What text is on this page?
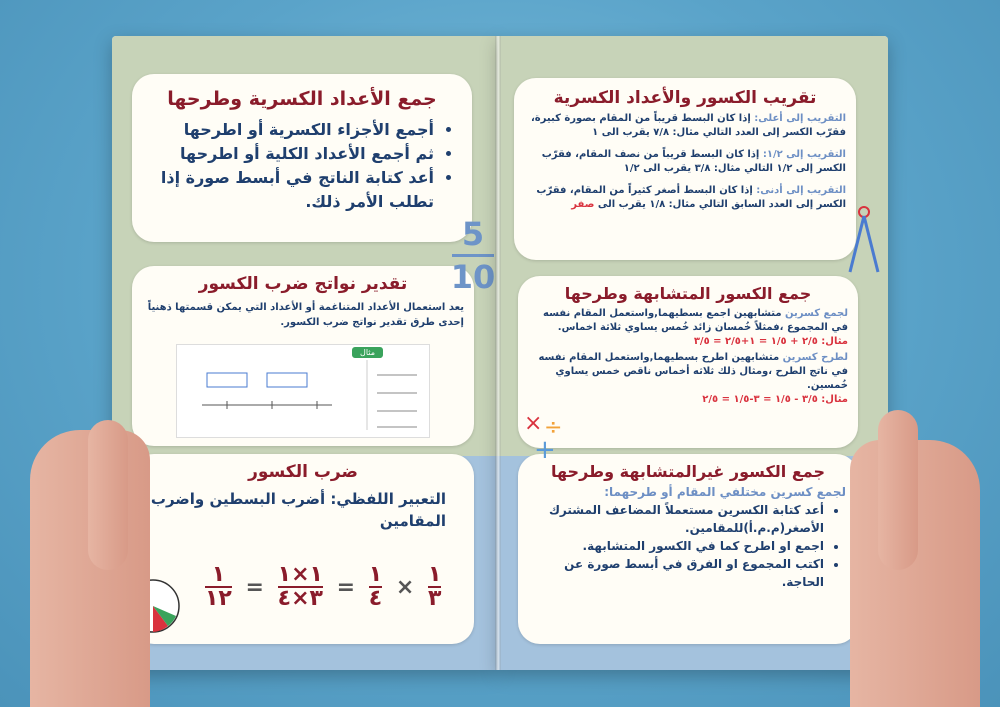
جمع الأعداد الكسرية وطرحها
• أجمع الأجزاء الكسرية أو اطرحها
• ثم أجمع الأعداد الكلية أو اطرحها
• أعد كتابة الناتج في أبسط صورة إذا تطلب الأمر ذلك.
تقدير نواتج ضرب الكسور
يعد استعمال الأعداد المتناغمة أو الأعداد التي يمكن قسمتها ذهنياً إحدى طرق تقدير نواتج ضرب الكسور.
مثال
ضرب الكسور
التعبير اللفظي: أضرب البسطين واضرب المقامين
١
١٢ = ١×١
٣×٤ = ١
٤ × ١
٣
5
10
تقريب الكسور والأعداد الكسرية
التقريب إلى أعلى: إذا كان البسط قريباً من المقام بصورة كبيرة، فقرّب الكسر إلى العدد التالي مثال: ٧/٨ يقرب الى ١
التقريب إلى ١/٢: إذا كان البسط قريباً من نصف المقام، فقرّب الكسر إلى ١/٢ التالي مثال: ٣/٨ يقرب الى ١/٢
التقريب إلى أدنى: إذا كان البسط أصغر كثيراً من المقام، فقرّب الكسر إلى العدد السابق التالي مثال: ١/٨ يقرب الى صفر
جمع الكسور المتشابهة وطرحها
لجمع كسرين متشابهين اجمع بسطيهما,واستعمل المقام نفسه في المجموع ،فمثلاً خُمسان زائد خُمس يساوي ثلاثة اخماس.
مثال: ٢/٥ + ١/٥ = ١+٢/٥ = ٣/٥
لطرح كسرين متشابهين اطرح بسطيهما,واستعمل المقام نفسه في ناتج الطرح ،ومثال ذلك ثلاثه أخماس ناقص خمس يساوي خُمسين.
مثال: ٣/٥ - ١/٥ = ٣-١/٥ = ٢/٥
جمع الكسور غيرالمتشابهة وطرحها
لجمع كسرين مختلفي المقام أو طرحهما:
• أعد كتابة الكسرين مستعملاً المضاعف المشترك الأصغر(م.م.أ)للمقامين.
• اجمع او اطرح كما في الكسور المتشابهة.
• اكتب المجموع او الفرق في أبسط صورة عن الحاجة.
× ÷
+
